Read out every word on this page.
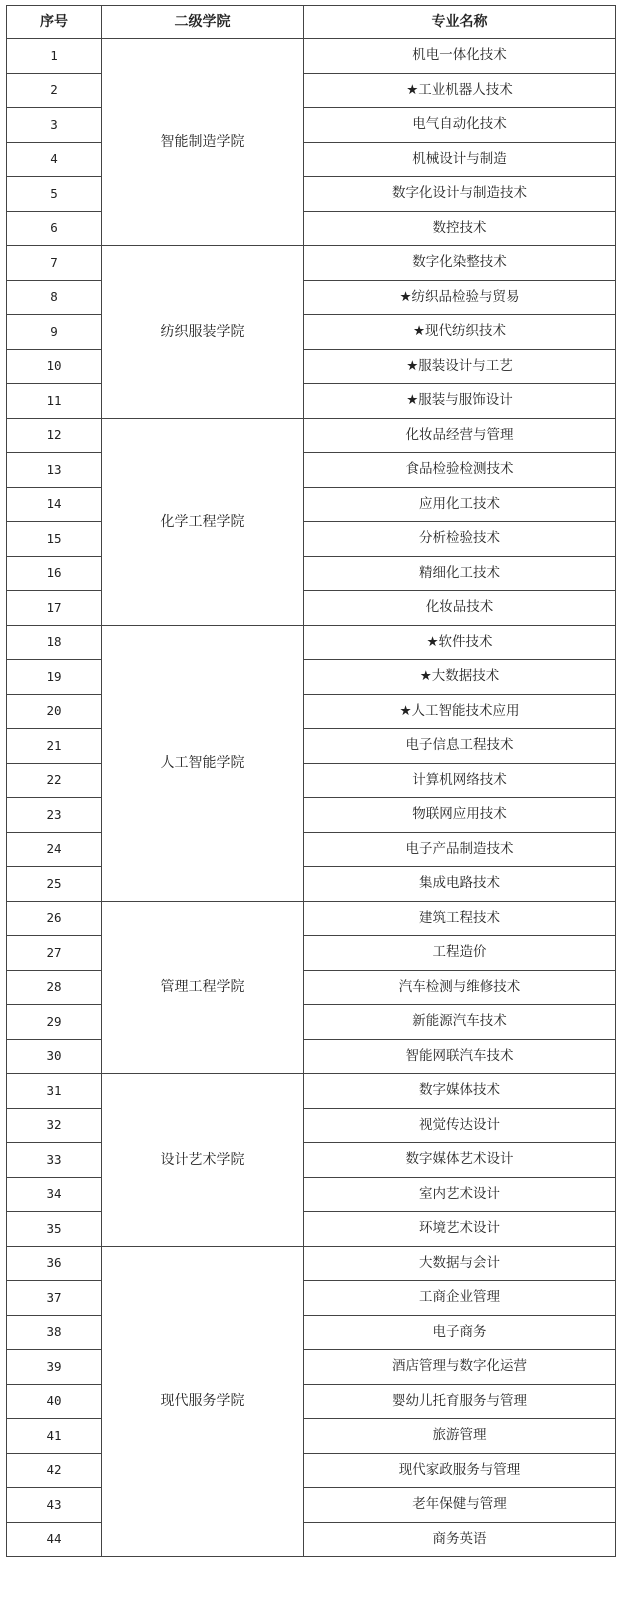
序号	二级学院	专业名称
1	智能制造学院	机电一体化技术
2		★工业机器人技术
3		电气自动化技术
4		机械设计与制造
5		数字化设计与制造技术
6		数控技术
7	纺织服装学院	数字化染整技术
8		★纺织品检验与贸易
9		★现代纺织技术
10		★服装设计与工艺
11		★服装与服饰设计
12	化学工程学院	化妆品经营与管理
13		食品检验检测技术
14		应用化工技术
15		分析检验技术
16		精细化工技术
17		化妆品技术
18	人工智能学院	★软件技术
19		★大数据技术
20		★人工智能技术应用
21		电子信息工程技术
22		计算机网络技术
23		物联网应用技术
24		电子产品制造技术
25		集成电路技术
26	管理工程学院	建筑工程技术
27		工程造价
28		汽车检测与维修技术
29		新能源汽车技术
30		智能网联汽车技术
31	设计艺术学院	数字媒体技术
32		视觉传达设计
33		数字媒体艺术设计
34		室内艺术设计
35		环境艺术设计
36	现代服务学院	大数据与会计
37		工商企业管理
38		电子商务
39		酒店管理与数字化运营
40		婴幼儿托育服务与管理
41		旅游管理
42		现代家政服务与管理
43		老年保健与管理
44		商务英语
